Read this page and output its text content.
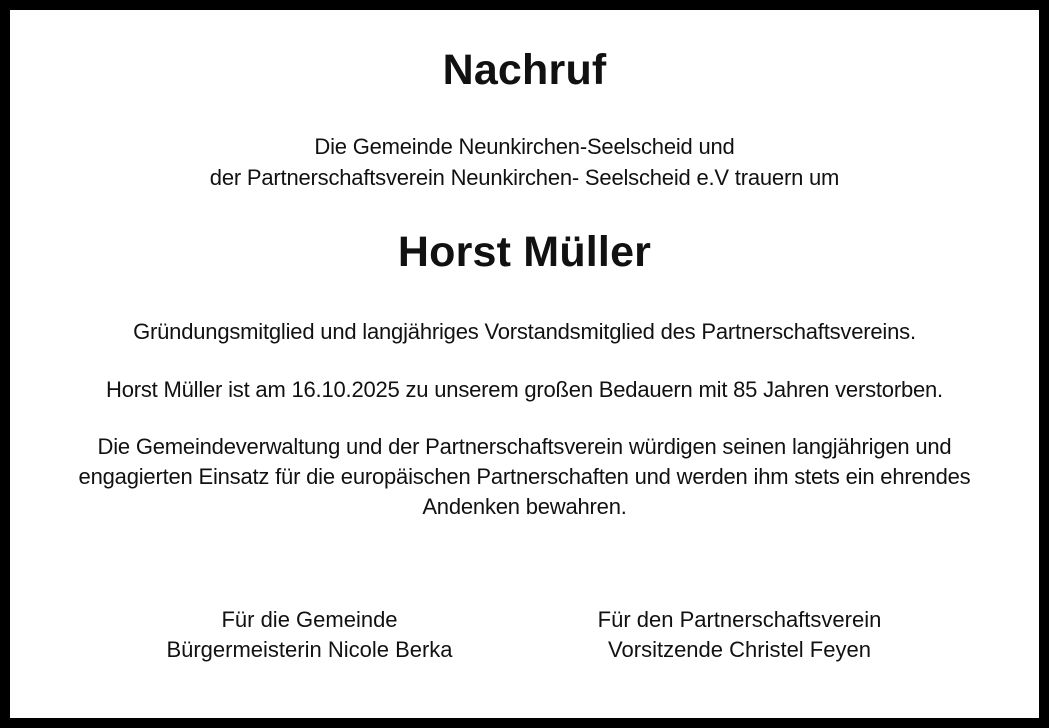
Nachruf
Die Gemeinde Neunkirchen-Seelscheid und
der Partnerschaftsverein Neunkirchen- Seelscheid e.V trauern um
Horst Müller
Gründungsmitglied und langjähriges Vorstandsmitglied des Partnerschaftsvereins.
Horst Müller ist am 16.10.2025 zu unserem großen Bedauern mit 85 Jahren verstorben.
Die Gemeindeverwaltung und der Partnerschaftsverein würdigen seinen langjährigen und engagierten Einsatz für die europäischen Partnerschaften und werden ihm stets ein ehrendes Andenken bewahren.
Für die Gemeinde
Bürgermeisterin Nicole Berka
Für den Partnerschaftsverein
Vorsitzende Christel Feyen
